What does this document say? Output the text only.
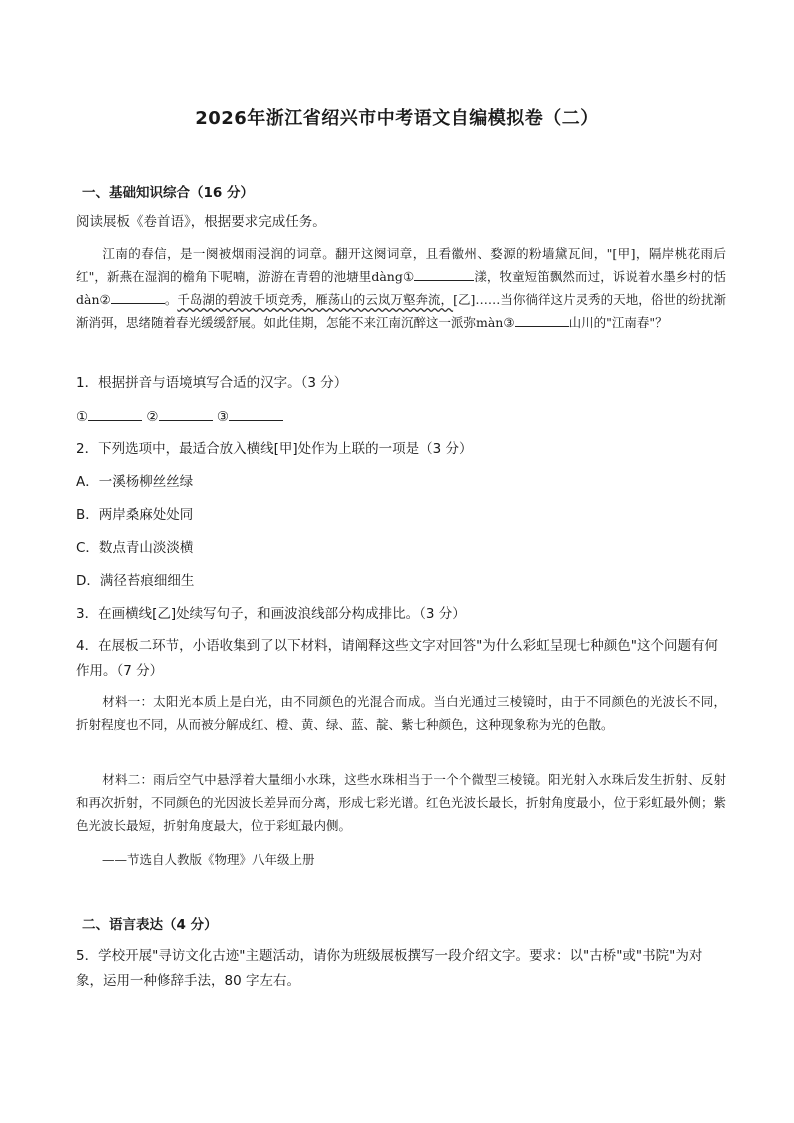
2026年浙江省绍兴市中考语文自编模拟卷（二）
一、基础知识综合（16 分）
阅读展板《卷首语》，根据要求完成任务。
江南的春信，是一阕被烟雨浸润的词章。翻开这阕词章，且看徽州、婺源的粉墙黛瓦间，"[甲]，隔岸桃花雨后红"，新燕在湿润的檐角下呢喃，游游在青碧的池塘里dàng①	漾，牧童短笛飘然而过，诉说着水墨乡村的恬 dàn②	。千岛湖的碧波千顷竞秀，雁荡山的云岚万壑奔流，[乙]……当你徜徉这片灵秀的天地，俗世的纷扰渐渐消弭，思绪随着春光缓缓舒展。如此佳期，怎能不来江南沉醉这一派弥màn③	山川的"江南春"？
1．根据拼音与语境填写合适的汉字。（3 分）
①	②	③
2．下列选项中，最适合放入横线[甲]处作为上联的一项是（3 分）
A．一溪杨柳丝丝绿
B．两岸桑麻处处同
C．数点青山淡淡横
D．满径苔痕细细生
3．在画横线[乙]处续写句子，和画波浪线部分构成排比。（3 分）
4．在展板二环节，小语收集到了以下材料，请阐释这些文字对回答"为什么彩虹呈现七种颜色"这个问题有何作用。（7 分）
材料一：太阳光本质上是白光，由不同颜色的光混合而成。当白光通过三棱镜时，由于不同颜色的光波长不同，折射程度也不同，从而被分解成红、橙、黄、绿、蓝、靛、紫七种颜色，这种现象称为光的色散。
材料二：雨后空气中悬浮着大量细小水珠，这些水珠相当于一个个微型三棱镜。阳光射入水珠后发生折射、反射和再次折射，不同颜色的光因波长差异而分离，形成七彩光谱。红色光波长最长，折射角度最小，位于彩虹最外侧；紫色光波长最短，折射角度最大，位于彩虹最内侧。
——节选自人教版《物理》八年级上册
二、语言表达（4 分）
5．学校开展"寻访文化古迹"主题活动，请你为班级展板撰写一段介绍文字。要求：以"古桥"或"书院"为对象，运用一种修辞手法，80 字左右。
